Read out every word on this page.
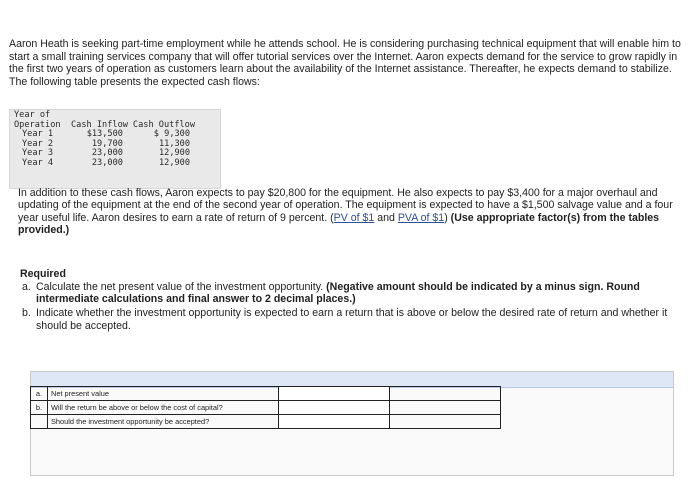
Aaron Heath is seeking part-time employment while he attends school. He is considering purchasing technical equipment that will enable him to start a small training services company that will offer tutorial services over the Internet. Aaron expects demand for the service to grow rapidly in the first two years of operation as customers learn about the availability of the Internet assistance. Thereafter, he expects demand to stabilize. The following table presents the expected cash flows:
Year of Operation	Cash Inflow	Cash Outflow
Year 1	$13,500	$ 9,300
Year 2	19,700	11,300
Year 3	23,000	12,900
Year 4	23,000	12,900
In addition to these cash flows, Aaron expects to pay $20,800 for the equipment. He also expects to pay $3,400 for a major overhaul and updating of the equipment at the end of the second year of operation. The equipment is expected to have a $1,500 salvage value and a four year useful life. Aaron desires to earn a rate of return of 9 percent. (PV of $1 and PVA of $1) (Use appropriate factor(s) from the tables provided.)
Required
a. Calculate the net present value of the investment opportunity. (Negative amount should be indicated by a minus sign. Round intermediate calculations and final answer to 2 decimal places.)
b. Indicate whether the investment opportunity is expected to earn a return that is above or below the desired rate of return and whether it should be accepted.
a.	Net present value		
b.	Will the return be above or below the cost of capital?		
	Should the investment opportunity be accepted?		
